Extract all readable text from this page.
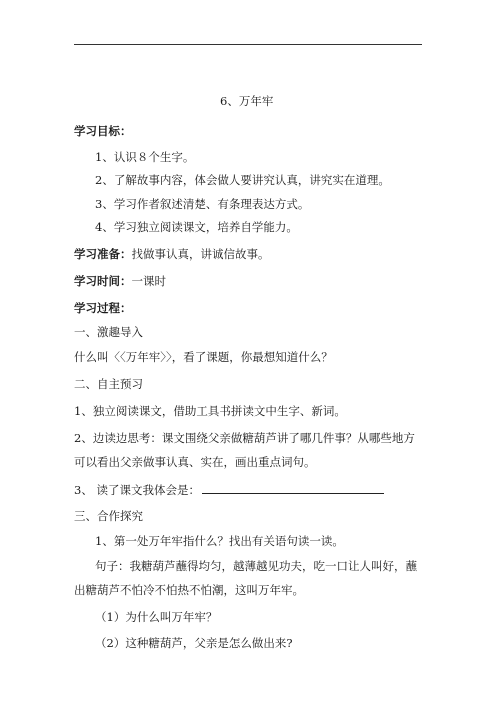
6、万年牢
学习目标：
1、认识８个生字。
2、了解故事内容，体会做人要讲究认真，讲究实在道理。
3、学习作者叙述清楚、有条理表达方式。
4、学习独立阅读课文，培养自学能力。
学习准备：找做事认真，讲诚信故事。
学习时间：一课时
学习过程：
一、激趣导入
什么叫〈〈万年牢〉〉，看了课题，你最想知道什么？
二、自主预习
1、独立阅读课文，借助工具书拼读文中生字、新词。
2、边读边思考：课文围绕父亲做糖葫芦讲了哪几件事？从哪些地方
可以看出父亲做事认真、实在，画出重点词句。
3、 读了课文我体会是：
三、合作探究
1、第一处万年牢指什么？找出有关语句读一读。
句子：我糖葫芦蘸得均匀，越薄越见功夫，吃一口让人叫好，蘸
出糖葫芦不怕冷不怕热不怕潮，这叫万年牢。
（1）为什么叫万年牢？
（2）这种糖葫芦，父亲是怎么做出来?
